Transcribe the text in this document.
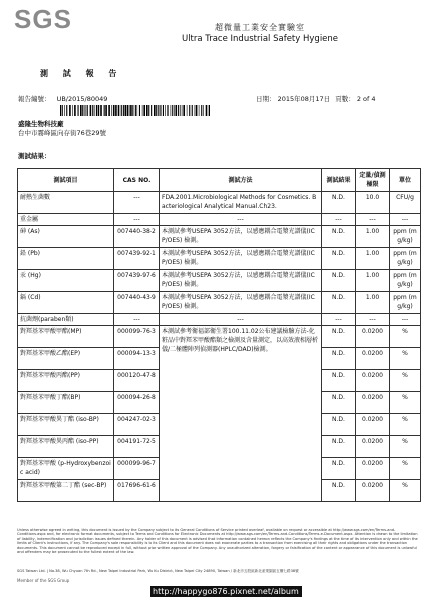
SGS	超微量工業安全實驗室
Ultra Trace Industrial Safety Hygiene
測 試 報 告
報告編號： UB/2015/80049	日期： 2015年08月17日 頁數： 2 of 4
盛隆生物科技廠
台中市霧峰區向存街76巷29號
測試結果：
測試項目	CAS NO.	測試方法	測試結果	定量/偵測極限	單位
耐熱生菌數	---	FDA.2001.Microbiological Methods for Cosmetics. Bacteriological Analytical Manual.Ch23.	N.D.	10.0	CFU/g
重金屬	---	---	---	---	---
砷 (As)	007440-38-2	本測試參考USEPA 3052方法，以感應耦合電漿光譜儀(ICP/OES) 檢測。	N.D.	1.00	ppm (mg/kg)
鉛 (Pb)	007439-92-1	本測試參考USEPA 3052方法，以感應耦合電漿光譜儀(ICP/OES) 檢測。	N.D.	1.00	ppm (mg/kg)
汞 (Hg)	007439-97-6	本測試參考USEPA 3052方法，以感應耦合電漿光譜儀(ICP/OES) 檢測。	N.D.	1.00	ppm (mg/kg)
鎘 (Cd)	007440-43-9	本測試參考USEPA 3052方法，以感應耦合電漿光譜儀(ICP/OES) 檢測。	N.D.	1.00	ppm (mg/kg)
抗菌劑(paraben類)	---	---	---	---	---
對羥基苯甲酸甲酯(MP)	000099-76-3	本測試參考衛福部衛生署100.11.02公布建議檢驗方法-化粧品中對羥苯甲酸酯類之檢測及含量測定，以高效液相層析儀/二極體陣列偵測器(HPLC/DAD)檢測。	N.D.	0.0200	%
對羥基苯甲酸乙酯(EP)	000094-13-3		N.D.	0.0200	%
對羥基苯甲酸丙酯(PP)	000120-47-8		N.D.	0.0200	%
對羥基苯甲酸丁酯(BP)	000094-26-8		N.D.	0.0200	%
對羥基苯甲酸異丁酯 (iso-BP)	004247-02-3		N.D.	0.0200	%
對羥基苯甲酸異丙酯 (iso-PP)	004191-72-5		N.D.	0.0200	%
對羥基苯甲酸 (p-Hydroxybenzoic acid)	000099-96-7		N.D.	0.0200	%
對羥基苯甲酸第二丁酯 (sec-BP)	017696-61-6		N.D.	0.0200	%
Unless otherwise agreed in writing, this document is issued by the Company subject to its General Conditions of Service printed overleaf, available on request or accessible at http://www.sgs.com/en/Terms-and-Conditions.aspx and, for electronic format documents, subject to Terms and Conditions for Electronic Documents at http://www.sgs.com/en/Terms-and-Conditions/Terms-e-Document.aspx. Attention is drawn to the limitation of liability, indemnification and jurisdiction issues defined therein. Any holder of this document is advised that information contained hereon reflects the Company's findings at the time of its intervention only and within the limits of Client's instructions, if any. The Company's sole responsibility is to its Client and this document does not exonerate parties to a transaction from exercising all their rights and obligations under the transaction documents. This document cannot be reproduced except in full, without prior written approval of the Company. Any unauthorized alteration, forgery or falsification of the content or appearance of this document is unlawful and offenders may be prosecuted to the fullest extent of the law.
SGS Taiwan Ltd. | No.38, Wu Chyuan 7th Rd., New Taipei Industrial Park, Wu Ku District, New Taipei City 24890, Taiwan / 新北市五股區新北產業園區五權七路38號
Member of the SGS Group
http://happygo876.pixnet.net/album
